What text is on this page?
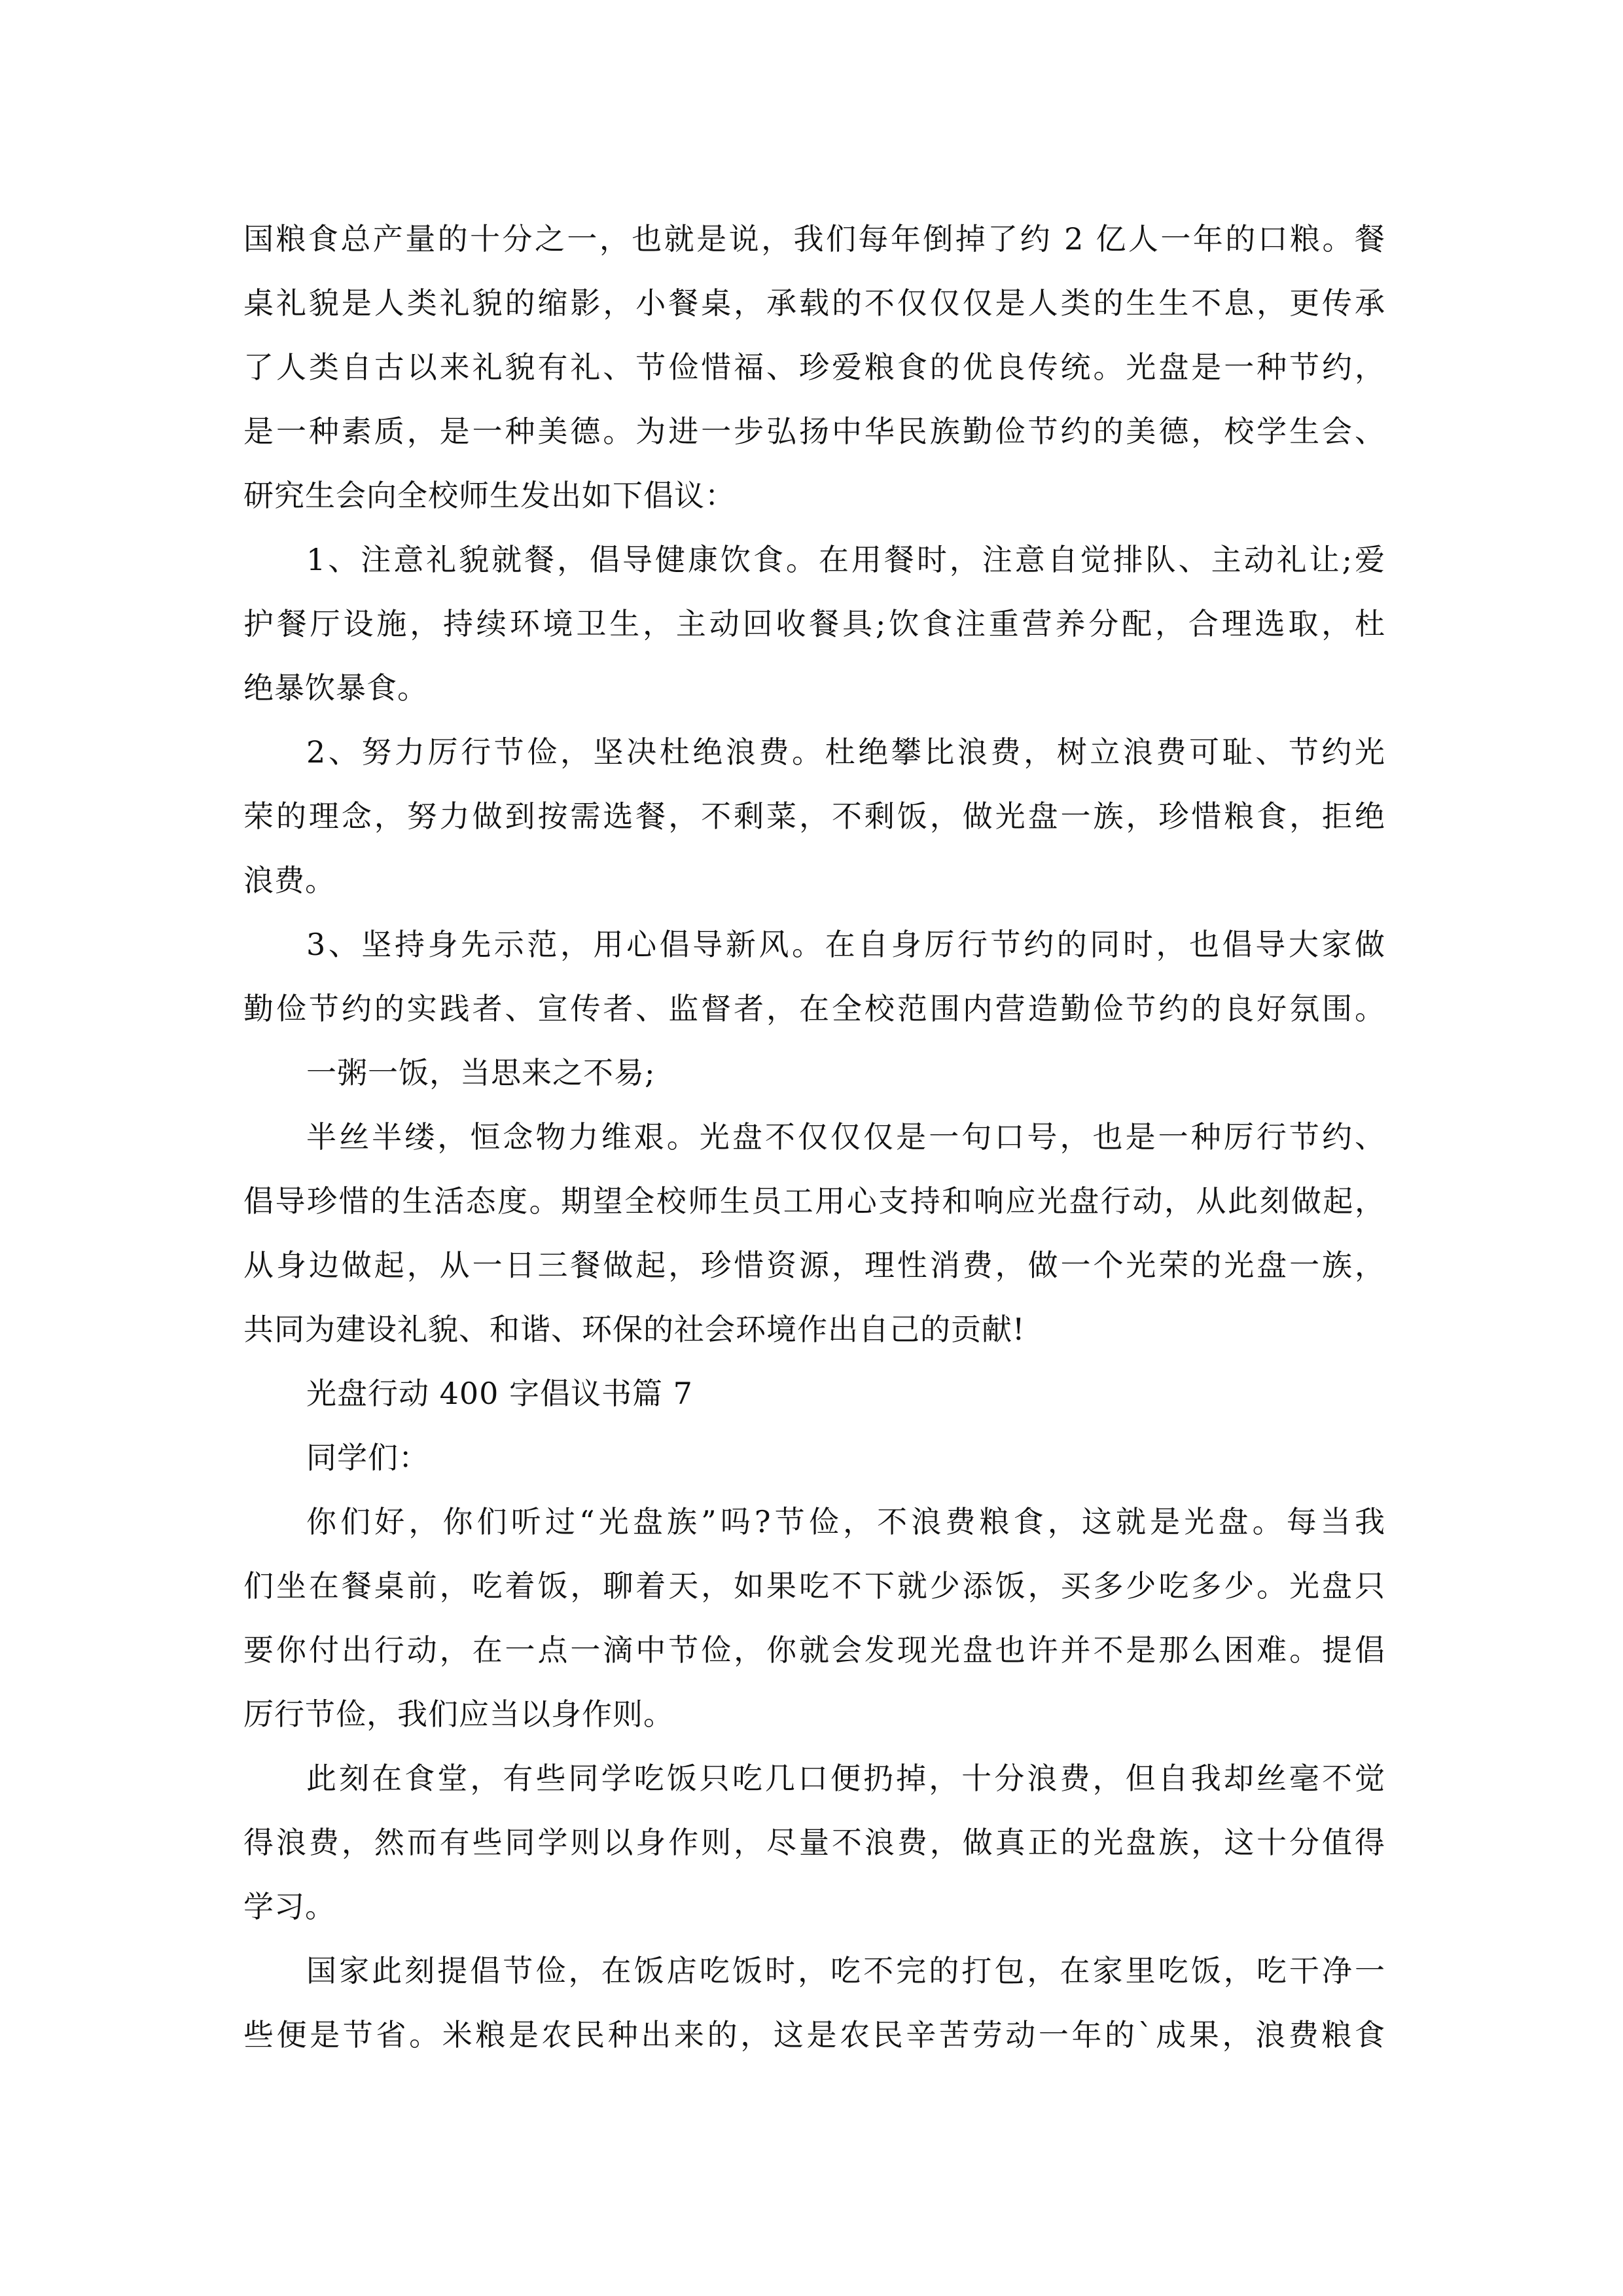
国粮食总产量的十分之一，也就是说，我们每年倒掉了约 2 亿人一年的口粮。餐
桌礼貌是人类礼貌的缩影，小餐桌，承载的不仅仅仅是人类的生生不息，更传承
了人类自古以来礼貌有礼、节俭惜福、珍爱粮食的优良传统。光盘是一种节约，
是一种素质，是一种美德。为进一步弘扬中华民族勤俭节约的美德，校学生会、
研究生会向全校师生发出如下倡议：
1、注意礼貌就餐，倡导健康饮食。在用餐时，注意自觉排队、主动礼让;爱
护餐厅设施，持续环境卫生，主动回收餐具;饮食注重营养分配，合理选取，杜
绝暴饮暴食。
2、努力厉行节俭，坚决杜绝浪费。杜绝攀比浪费，树立浪费可耻、节约光
荣的理念，努力做到按需选餐，不剩菜，不剩饭，做光盘一族，珍惜粮食，拒绝
浪费。
3、坚持身先示范，用心倡导新风。在自身厉行节约的同时，也倡导大家做
勤俭节约的实践者、宣传者、监督者，在全校范围内营造勤俭节约的良好氛围。
一粥一饭，当思来之不易;
半丝半缕，恒念物力维艰。光盘不仅仅仅是一句口号，也是一种厉行节约、
倡导珍惜的生活态度。期望全校师生员工用心支持和响应光盘行动，从此刻做起，
从身边做起，从一日三餐做起，珍惜资源，理性消费，做一个光荣的光盘一族，
共同为建设礼貌、和谐、环保的社会环境作出自己的贡献!
光盘行动 400 字倡议书篇 7
同学们：
你们好，你们听过“光盘族”吗?节俭，不浪费粮食，这就是光盘。每当我
们坐在餐桌前，吃着饭，聊着天，如果吃不下就少添饭，买多少吃多少。光盘只
要你付出行动，在一点一滴中节俭，你就会发现光盘也许并不是那么困难。提倡
厉行节俭，我们应当以身作则。
此刻在食堂，有些同学吃饭只吃几口便扔掉，十分浪费，但自我却丝毫不觉
得浪费，然而有些同学则以身作则，尽量不浪费，做真正的光盘族，这十分值得
学习。
国家此刻提倡节俭，在饭店吃饭时，吃不完的打包，在家里吃饭，吃干净一
些便是节省。米粮是农民种出来的，这是农民辛苦劳动一年的`成果，浪费粮食
